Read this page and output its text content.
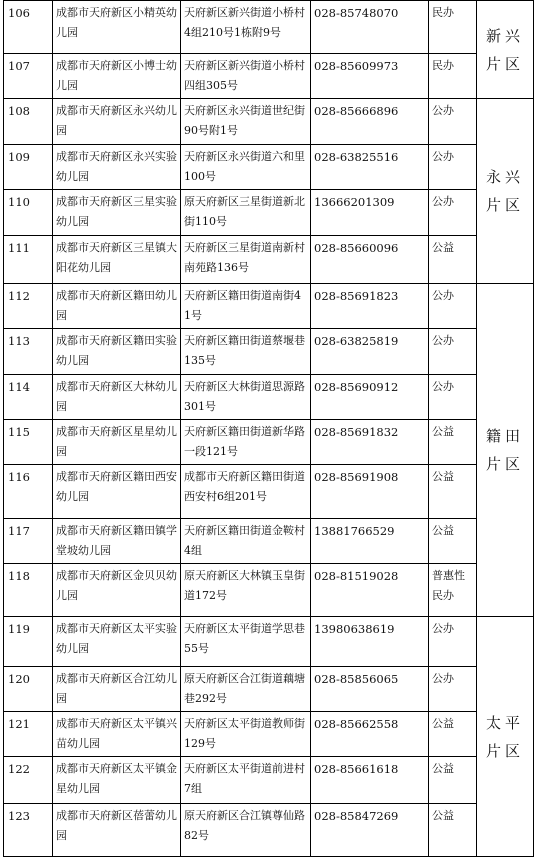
106	成都市天府新区小精英幼儿园	天府新区新兴街道小桥村4组210号1栋附9号	028-85748070	民办	新兴片区
107	成都市天府新区小博士幼儿园	天府新区新兴街道小桥村四组305号	028-85609973	民办	
108	成都市天府新区永兴幼儿园	天府新区永兴街道世纪街90号附1号	028-85666896	公办	永兴片区
109	成都市天府新区永兴实验幼儿园	天府新区永兴街道六和里100号	028-63825516	公办	
110	成都市天府新区三星实验幼儿园	原天府新区三星街道新北街110号	13666201309	公办	
111	成都市天府新区三星镇大阳花幼儿园	天府新区三星街道南新村南苑路136号	028-85660096	公益	
112	成都市天府新区籍田幼儿园	天府新区籍田街道南街41号	028-85691823	公办	籍田片区
113	成都市天府新区籍田实验幼儿园	天府新区籍田街道蔡堰巷135号	028-63825819	公办	
114	成都市天府新区大林幼儿园	天府新区大林街道思源路301号	028-85690912	公办	
115	成都市天府新区星星幼儿园	天府新区籍田街道新华路一段121号	028-85691832	公益	
116	成都市天府新区籍田西安幼儿园	成都市天府新区籍田街道西安村6组201号	028-85691908	公益	
117	成都市天府新区籍田镇学堂坡幼儿园	天府新区籍田街道金鞍村4组	13881766529	公益	
118	成都市天府新区金贝贝幼儿园	原天府新区大林镇玉皇街道172号	028-81519028	普惠性民办	
119	成都市天府新区太平实验幼儿园	天府新区太平街道学思巷55号	13980638619	公办	太平片区
120	成都市天府新区合江幼儿园	原天府新区合江街道藕塘巷292号	028-85856065	公办	
121	成都市天府新区太平镇兴苗幼儿园	天府新区太平街道教师街129号	028-85662558	公益	
122	成都市天府新区太平镇金星幼儿园	天府新区太平街道前进村7组	028-85661618	公益	
123	成都市天府新区蓓蕾幼儿园	原天府新区合江镇尊仙路82号	028-85847269	公益	
